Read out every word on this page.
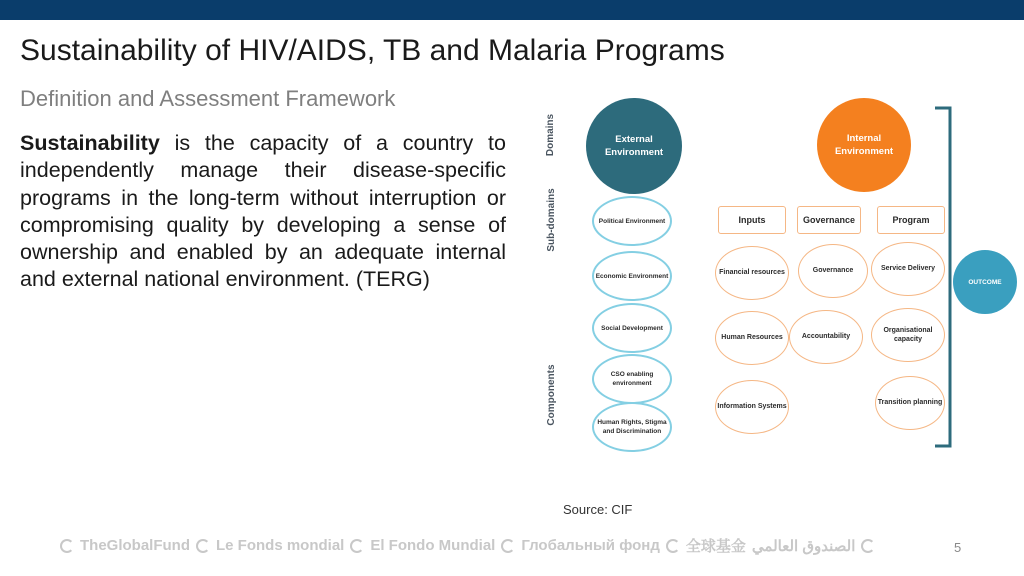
Sustainability of HIV/AIDS, TB and Malaria Programs
Definition and Assessment Framework
Sustainability is the capacity of a country to independently manage their disease-specific programs in the long-term without interruption or compromising quality by developing a sense of ownership and enabled by an adequate internal and external national environment. (TERG)
Domains
Sub-domains
Components
External Environment
Internal Environment
Political Environment
Economic Environment
Social Development
CSO enabling environment
Human Rights, Stigma and Discrimination
Inputs	Governance	Program
Financial resources
Human Resources
Information Systems
Governance
Accountability
Service Delivery
Organisational capacity
Transition planning
OUTCOME
Source: CIF
TheGlobalFund Le Fonds mondial El Fondo Mundial Глобальный фонд 全球基金 الصندوق العالمي	5
